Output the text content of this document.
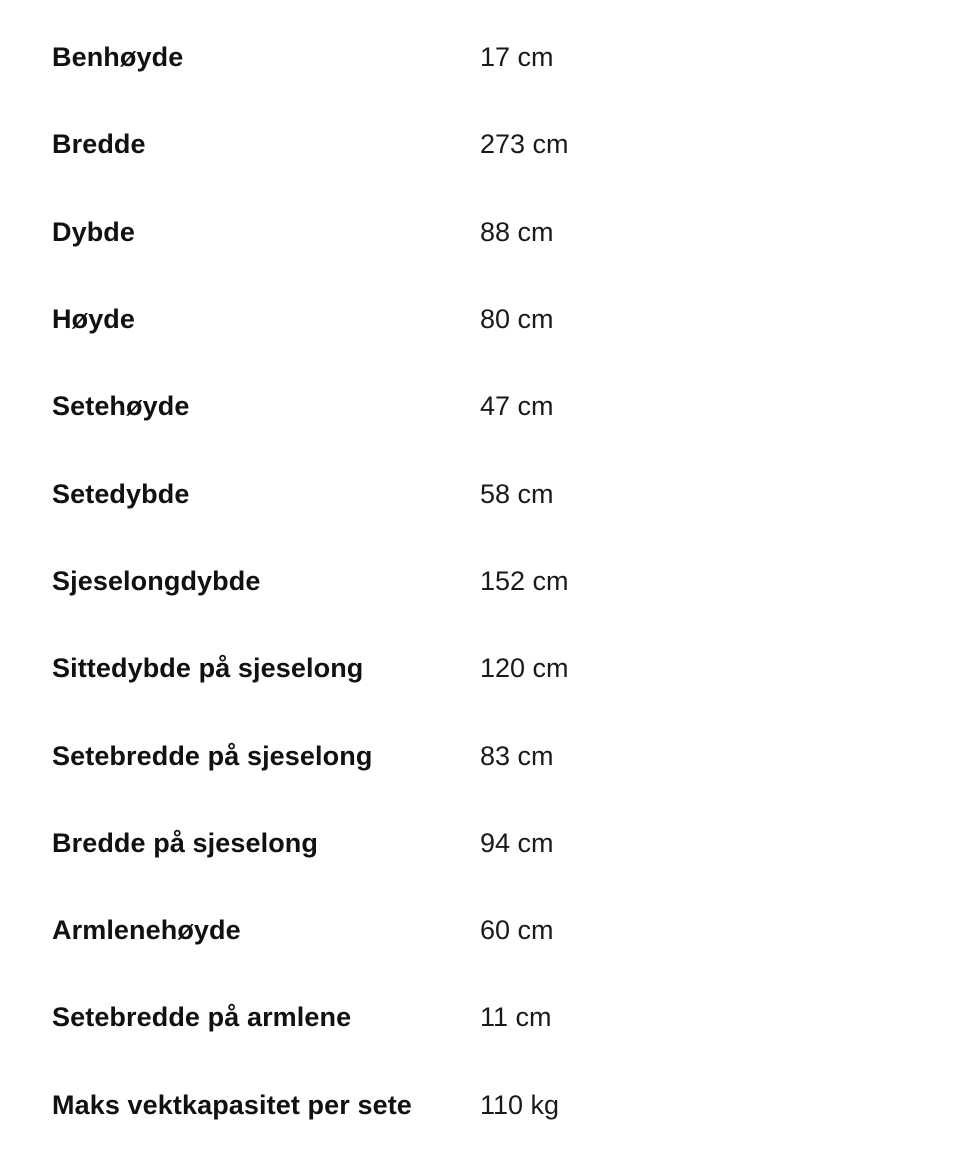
Benhøyde	17 cm
Bredde	273 cm
Dybde	88 cm
Høyde	80 cm
Setehøyde	47 cm
Setedybde	58 cm
Sjeselongdybde	152 cm
Sittedybde på sjeselong	120 cm
Setebredde på sjeselong	83 cm
Bredde på sjeselong	94 cm
Armlenehøyde	60 cm
Setebredde på armlene	11 cm
Maks vektkapasitet per sete	110 kg
